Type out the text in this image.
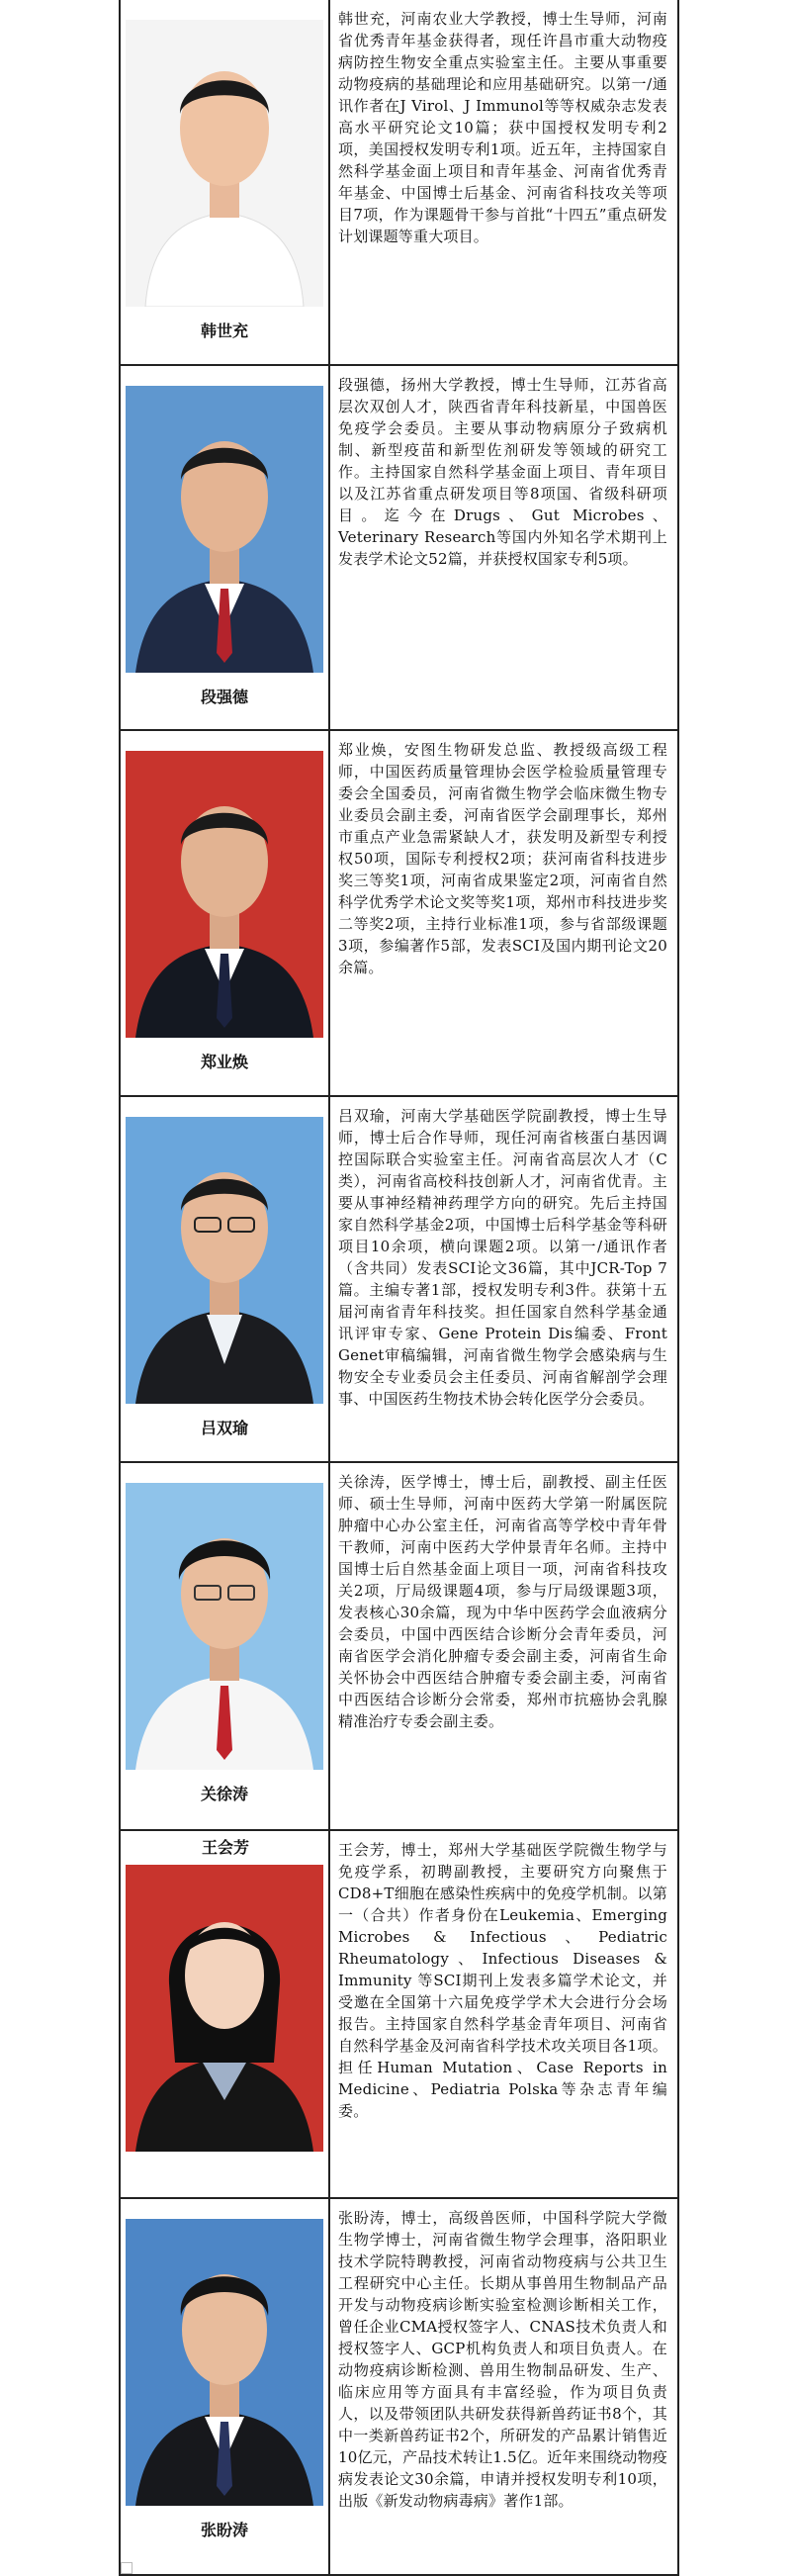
韩世充
韩世充，河南农业大学教授，博士生导师，河南省优秀青年基金获得者，现任许昌市重大动物疫病防控生物安全重点实验室主任。主要从事重要动物疫病的基础理论和应用基础研究。以第一/通讯作者在J Virol、J Immunol等等权威杂志发表高水平研究论文10篇；获中国授权发明专利2项，美国授权发明专利1项。近五年，主持国家自然科学基金面上项目和青年基金、河南省优秀青年基金、中国博士后基金、河南省科技攻关等项目7项，作为课题骨干参与首批“十四五”重点研发计划课题等重大项目。
段强德
段强德，扬州大学教授，博士生导师，江苏省高层次双创人才，陕西省青年科技新星，中国兽医免疫学会委员。主要从事动物病原分子致病机制、新型疫苗和新型佐剂研发等领域的研究工作。主持国家自然科学基金面上项目、青年项目以及江苏省重点研发项目等8项国、省级科研项目。迄今在Drugs、Gut Microbes、Veterinary Research等国内外知名学术期刊上发表学术论文52篇，并获授权国家专利5项。
郑业焕
郑业焕，安图生物研发总监、教授级高级工程师，中国医药质量管理协会医学检验质量管理专委会全国委员，河南省微生物学会临床微生物专业委员会副主委，河南省医学会副理事长，郑州市重点产业急需紧缺人才，获发明及新型专利授权50项，国际专利授权2项；获河南省科技进步奖三等奖1项，河南省成果鉴定2项，河南省自然科学优秀学术论文奖等奖1项，郑州市科技进步奖二等奖2项，主持行业标准1项，参与省部级课题3项，参编著作5部，发表SCI及国内期刊论文20余篇。
吕双瑜
吕双瑜，河南大学基础医学院副教授，博士生导师，博士后合作导师，现任河南省核蛋白基因调控国际联合实验室主任。河南省高层次人才（C类），河南省高校科技创新人才，河南省优青。主要从事神经精神药理学方向的研究。先后主持国家自然科学基金2项，中国博士后科学基金等科研项目10余项，横向课题2项。以第一/通讯作者（含共同）发表SCI论文36篇，其中JCR-Top 7篇。主编专著1部，授权发明专利3件。获第十五届河南省青年科技奖。担任国家自然科学基金通讯评审专家、Gene Protein Dis编委、Front Genet审稿编辑，河南省微生物学会感染病与生物安全专业委员会主任委员、河南省解剖学会理事、中国医药生物技术协会转化医学分会委员。
关徐涛
关徐涛，医学博士，博士后，副教授、副主任医师、硕士生导师，河南中医药大学第一附属医院肿瘤中心办公室主任，河南省高等学校中青年骨干教师，河南中医药大学仲景青年名师。主持中国博士后自然基金面上项目一项，河南省科技攻关2项，厅局级课题4项，参与厅局级课题3项，发表核心30余篇，现为中华中医药学会血液病分会委员，中国中西医结合诊断分会青年委员，河南省医学会消化肿瘤专委会副主委，河南省生命关怀协会中西医结合肿瘤专委会副主委，河南省中西医结合诊断分会常委，郑州市抗癌协会乳腺精准治疗专委会副主委。
王会芳	王会芳，博士，郑州大学基础医学院微生物学与免疫学系，初聘副教授，主要研究方向聚焦于CD8+T细胞在感染性疾病中的免疫学机制。以第一（合共）作者身份在Leukemia、Emerging Microbes & Infectious、Pediatric Rheumatology、Infectious Diseases & Immunity 等SCI期刊上发表多篇学术论文，并受邀在全国第十六届免疫学学术大会进行分会场报告。主持国家自然科学基金青年项目、河南省自然科学基金及河南省科学技术攻关项目各1项。担任Human Mutation、Case Reports in Medicine、Pediatria Polska等杂志青年编委。
张盼涛
张盼涛，博士，高级兽医师，中国科学院大学微生物学博士，河南省微生物学会理事，洛阳职业技术学院特聘教授，河南省动物疫病与公共卫生工程研究中心主任。长期从事兽用生物制品产品开发与动物疫病诊断实验室检测诊断相关工作，曾任企业CMA授权签字人、CNAS技术负责人和授权签字人、GCP机构负责人和项目负责人。在动物疫病诊断检测、兽用生物制品研发、生产、临床应用等方面具有丰富经验，作为项目负责人，以及带领团队共研发获得新兽药证书8个，其中一类新兽药证书2个，所研发的产品累计销售近10亿元，产品技术转让1.5亿。近年来围绕动物疫病发表论文30余篇，申请并授权发明专利10项，出版《新发动物病毒病》著作1部。
